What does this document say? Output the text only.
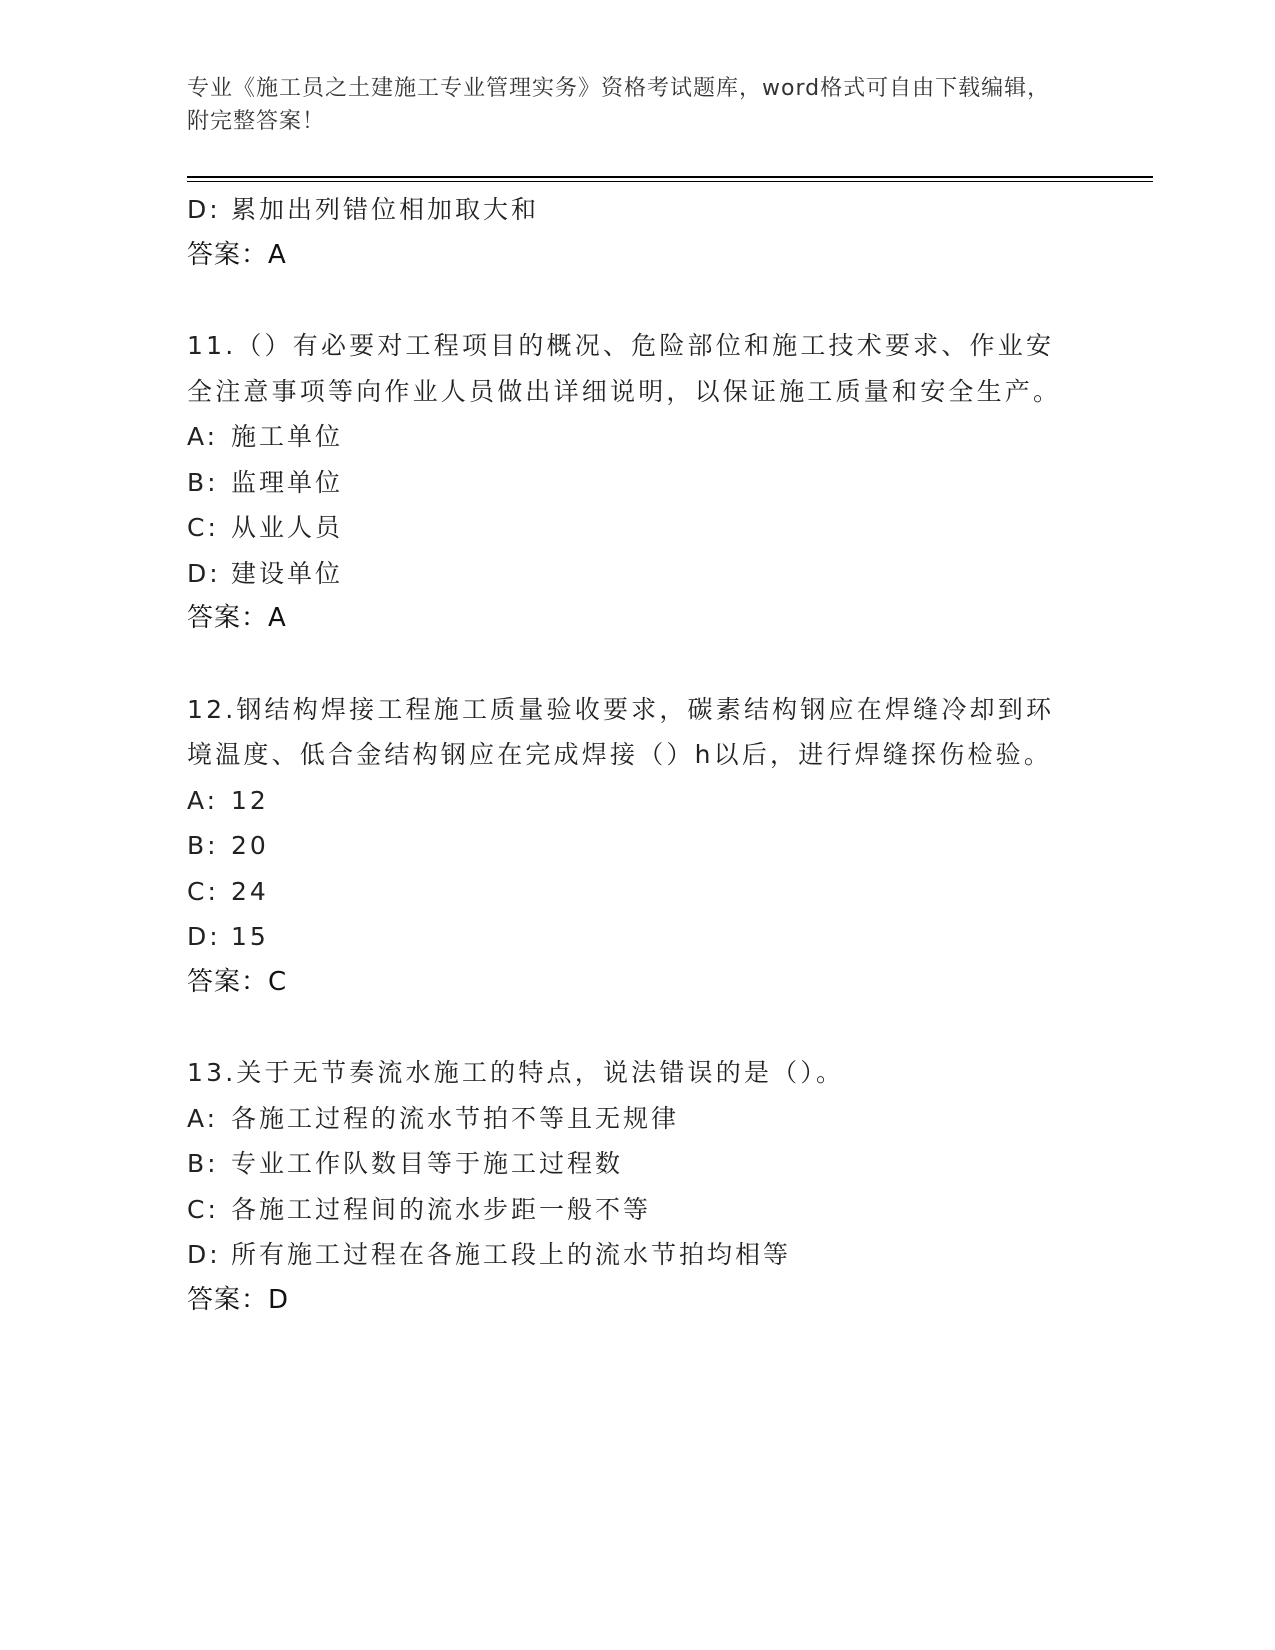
专业《施工员之土建施工专业管理实务》资格考试题库，word格式可自由下载编辑，附完整答案！
D: 累加出列错位相加取大和
答案：A
11.（）有必要对工程项目的概况、危险部位和施工技术要求、作业安全注意事项等向作业人员做出详细说明，以保证施工质量和安全生产。
A: 施工单位
B: 监理单位
C: 从业人员
D: 建设单位
答案：A
12.钢结构焊接工程施工质量验收要求，碳素结构钢应在焊缝冷却到环境温度、低合金结构钢应在完成焊接（）h以后，进行焊缝探伤检验。
A: 12
B: 20
C: 24
D: 15
答案：C
13.关于无节奏流水施工的特点，说法错误的是（）。
A: 各施工过程的流水节拍不等且无规律
B: 专业工作队数目等于施工过程数
C: 各施工过程间的流水步距一般不等
D: 所有施工过程在各施工段上的流水节拍均相等
答案：D
